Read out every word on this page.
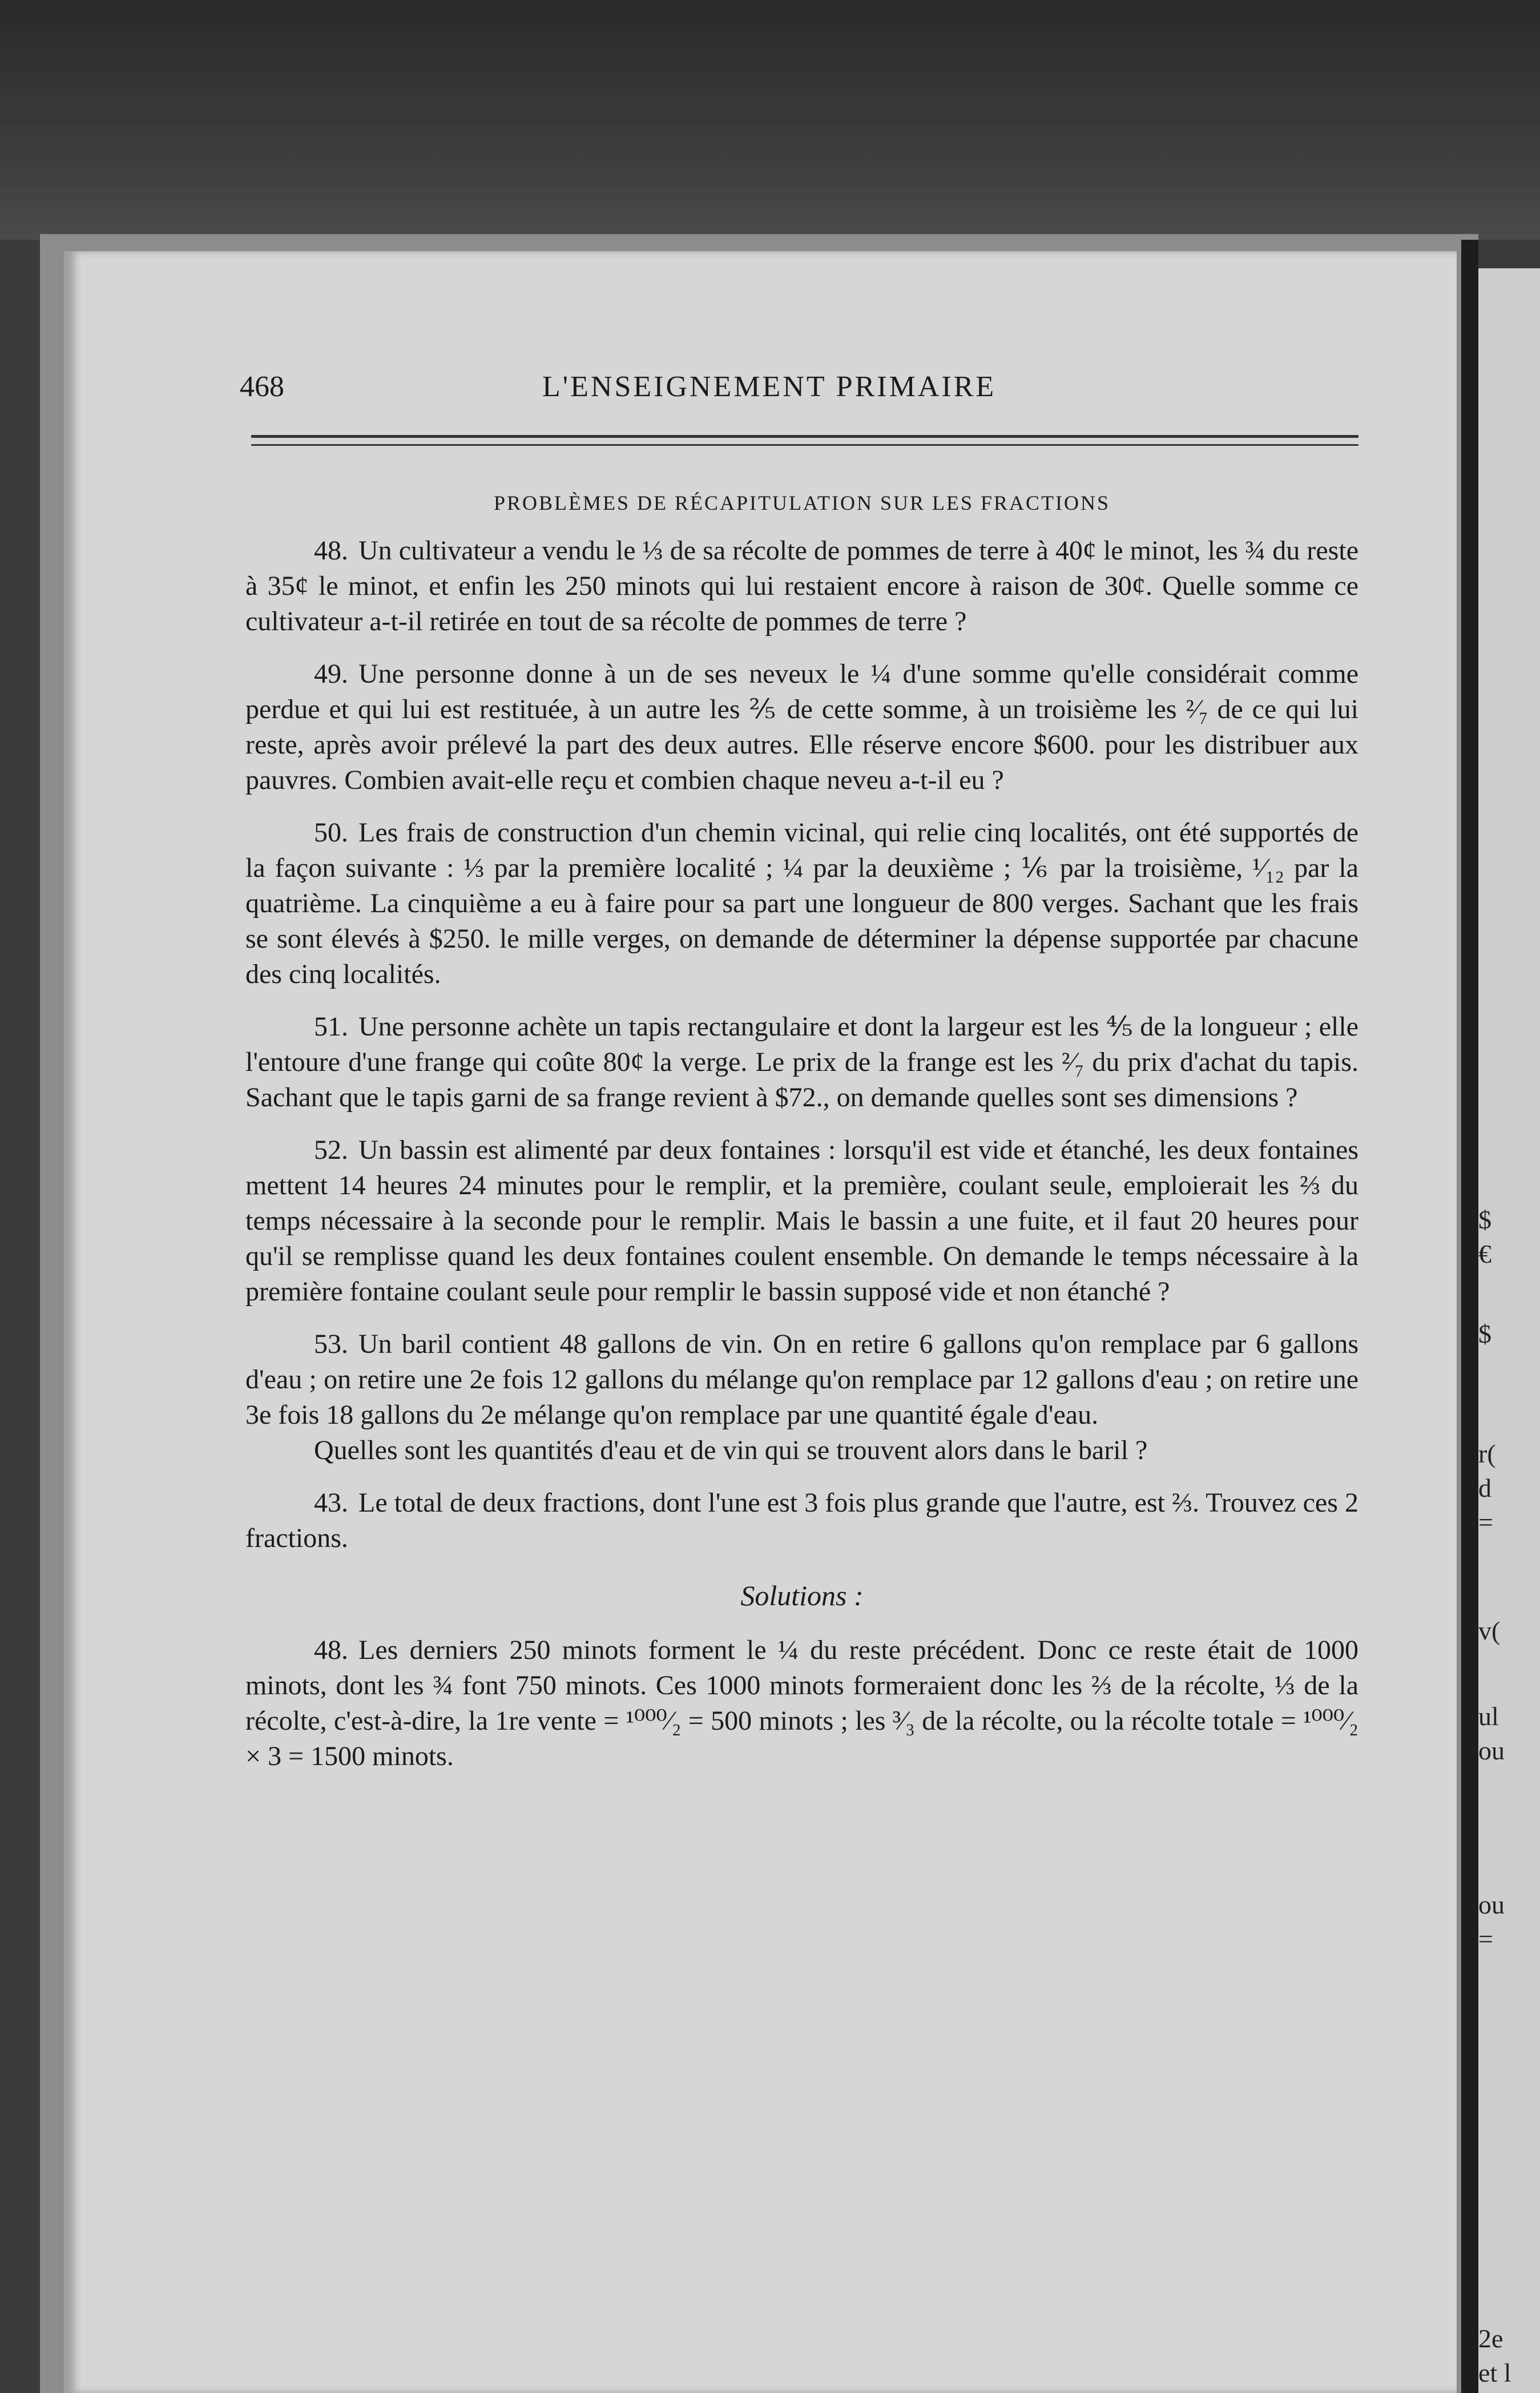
$
€
$
r(
d
=
v(
ul
ou
ou
=
2e
et l
468	L'ENSEIGNEMENT PRIMAIRE
PROBLÈMES DE RÉCAPITULATION SUR LES FRACTIONS

48. Un cultivateur a vendu le ⅓ de sa récolte de pommes de terre à 40¢ le minot, les ¾ du reste à 35¢ le minot, et enfin les 250 minots qui lui restaient encore à raison de 30¢. Quelle somme ce cultivateur a-t-il retirée en tout de sa récolte de pommes de terre ?

49. Une personne donne à un de ses neveux le ¼ d'une somme qu'elle considérait comme perdue et qui lui est restituée, à un autre les ⅖ de cette somme, à un troisième les ²⁄₇ de ce qui lui reste, après avoir prélevé la part des deux autres. Elle réserve encore $600. pour les distribuer aux pauvres. Combien avait-elle reçu et combien chaque neveu a-t-il eu ?

50. Les frais de construction d'un chemin vicinal, qui relie cinq localités, ont été supportés de la façon suivante : ⅓ par la première localité ; ¼ par la deuxième ; ⅙ par la troisième, ¹⁄₁₂ par la quatrième. La cinquième a eu à faire pour sa part une longueur de 800 verges. Sachant que les frais se sont élevés à $250. le mille verges, on demande de déterminer la dépense supportée par chacune des cinq localités.

51. Une personne achète un tapis rectangulaire et dont la largeur est les ⅘ de la longueur ; elle l'entoure d'une frange qui coûte 80¢ la verge. Le prix de la frange est les ²⁄₇ du prix d'achat du tapis. Sachant que le tapis garni de sa frange revient à $72., on demande quelles sont ses dimensions ?

52. Un bassin est alimenté par deux fontaines : lorsqu'il est vide et étanché, les deux fontaines mettent 14 heures 24 minutes pour le remplir, et la première, coulant seule, emploierait les ⅔ du temps nécessaire à la seconde pour le remplir. Mais le bassin a une fuite, et il faut 20 heures pour qu'il se remplisse quand les deux fontaines coulent ensemble. On demande le temps nécessaire à la première fontaine coulant seule pour remplir le bassin supposé vide et non étanché ?

53. Un baril contient 48 gallons de vin. On en retire 6 gallons qu'on remplace par 6 gallons d'eau ; on retire une 2e fois 12 gallons du mélange qu'on remplace par 12 gallons d'eau ; on retire une 3e fois 18 gallons du 2e mélange qu'on remplace par une quantité égale d'eau.

Quelles sont les quantités d'eau et de vin qui se trouvent alors dans le baril ?

43. Le total de deux fractions, dont l'une est 3 fois plus grande que l'autre, est ⅔. Trouvez ces 2 fractions.

Solutions :

48. Les derniers 250 minots forment le ¼ du reste précédent. Donc ce reste était de 1000 minots, dont les ¾ font 750 minots. Ces 1000 minots formeraient donc les ⅔ de la récolte, ⅓ de la récolte, c'est-à-dire, la 1re vente = ¹⁰⁰⁰⁄₂ = 500 minots ; les ³⁄₃ de la récolte, ou la récolte totale = ¹⁰⁰⁰⁄₂ × 3 = 1500 minots.
